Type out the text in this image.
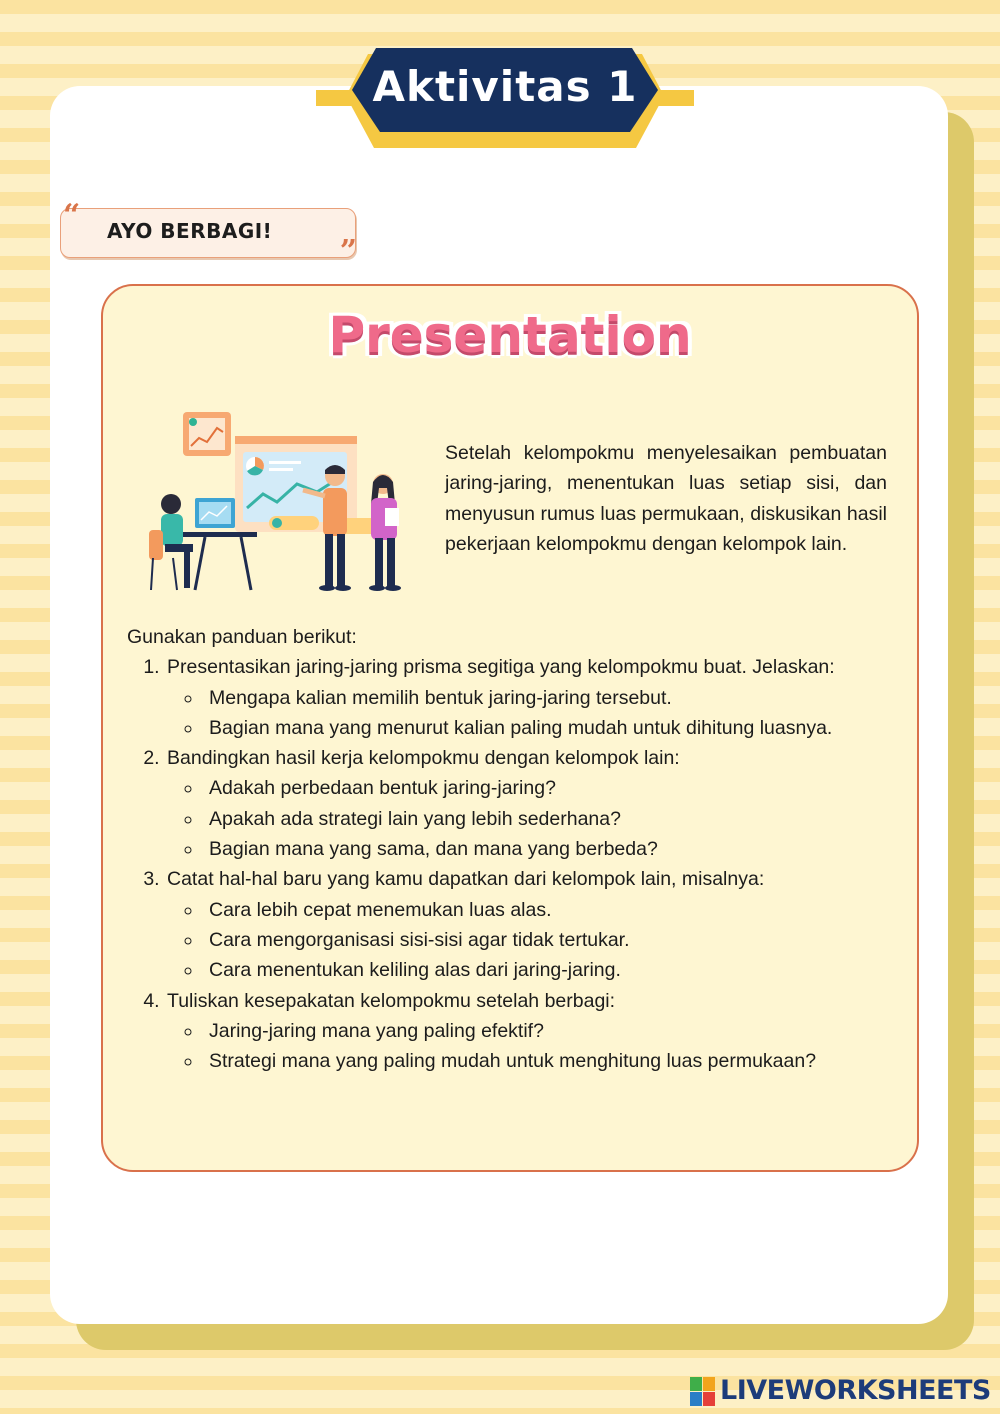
Aktivitas 1
“ AYO BERBAGI!
”
Presentation
Setelah kelompokmu menyelesaikan pembuatan jaring-jaring, menentukan luas setiap sisi, dan menyusun rumus luas permukaan, diskusikan hasil pekerjaan kelompokmu dengan kelompok lain.
Gunakan panduan berikut:
1. Presentasikan jaring-jaring prisma segitiga yang kelompokmu buat. Jelaskan:
◦ Mengapa kalian memilih bentuk jaring-jaring tersebut.
◦ Bagian mana yang menurut kalian paling mudah untuk dihitung luasnya.
2. Bandingkan hasil kerja kelompokmu dengan kelompok lain:
◦ Adakah perbedaan bentuk jaring-jaring?
◦ Apakah ada strategi lain yang lebih sederhana?
◦ Bagian mana yang sama, dan mana yang berbeda?
3. Catat hal-hal baru yang kamu dapatkan dari kelompok lain, misalnya:
◦ Cara lebih cepat menemukan luas alas.
◦ Cara mengorganisasi sisi-sisi agar tidak tertukar.
◦ Cara menentukan keliling alas dari jaring-jaring.
4. Tuliskan kesepakatan kelompokmu setelah berbagi:
◦ Jaring-jaring mana yang paling efektif?
◦ Strategi mana yang paling mudah untuk menghitung luas permukaan?
LIVEWORKSHEETS
